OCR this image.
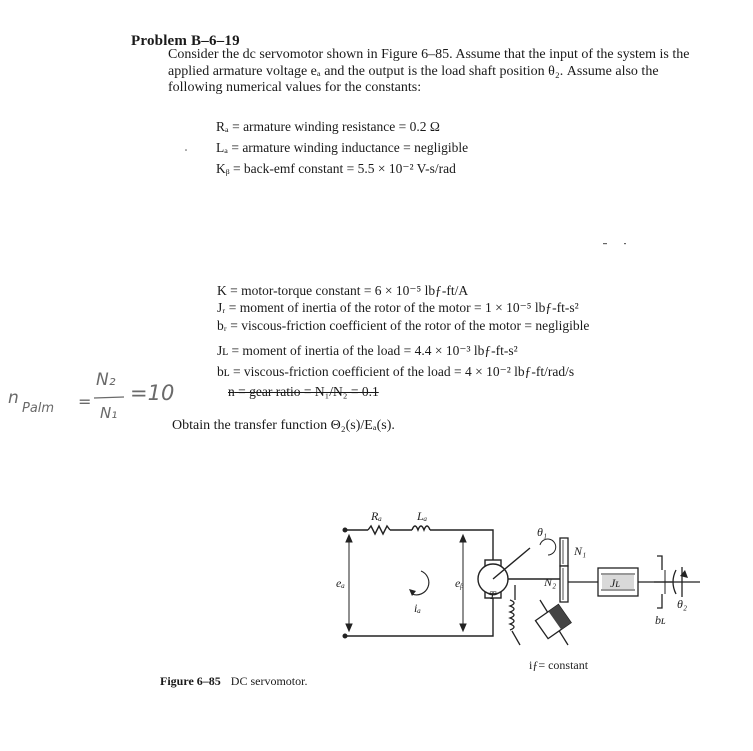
Problem B–6–19
Consider the dc servomotor shown in Figure 6–85. Assume that the input of the system is the applied armature voltage eₐ and the output is the load shaft position θ₂. Assume also the following numerical values for the constants:
Rₐ = armature winding resistance = 0.2 Ω
Lₐ = armature winding inductance = negligible
Kᵦ = back-emf constant = 5.5 × 10⁻² V-s/rad
K = motor-torque constant = 6 × 10⁻⁵ lbƒ-ft/A
Jᵣ = moment of inertia of the rotor of the motor = 1 × 10⁻⁵ lbƒ-ft-s²
bᵣ = viscous-friction coefficient of the rotor of the motor = negligible
Jʟ = moment of inertia of the load = 4.4 × 10⁻³ lbƒ-ft-s²
bʟ = viscous-friction coefficient of the load = 4 × 10⁻² lbƒ-ft/rad/s
n = gear ratio = N₁/N₂ = 0.1
n
Palm =
N₂
N₁
=10
Obtain the transfer function Θ₂(s)/Eₐ(s).
Figure 6–85 DC servomotor.
Rₐ	Lₐ
eₐ	eᵦ
iₐ
T
θ₁
N₁
N₂	Jʟ
bʟ
θ₂
iƒ= constant
